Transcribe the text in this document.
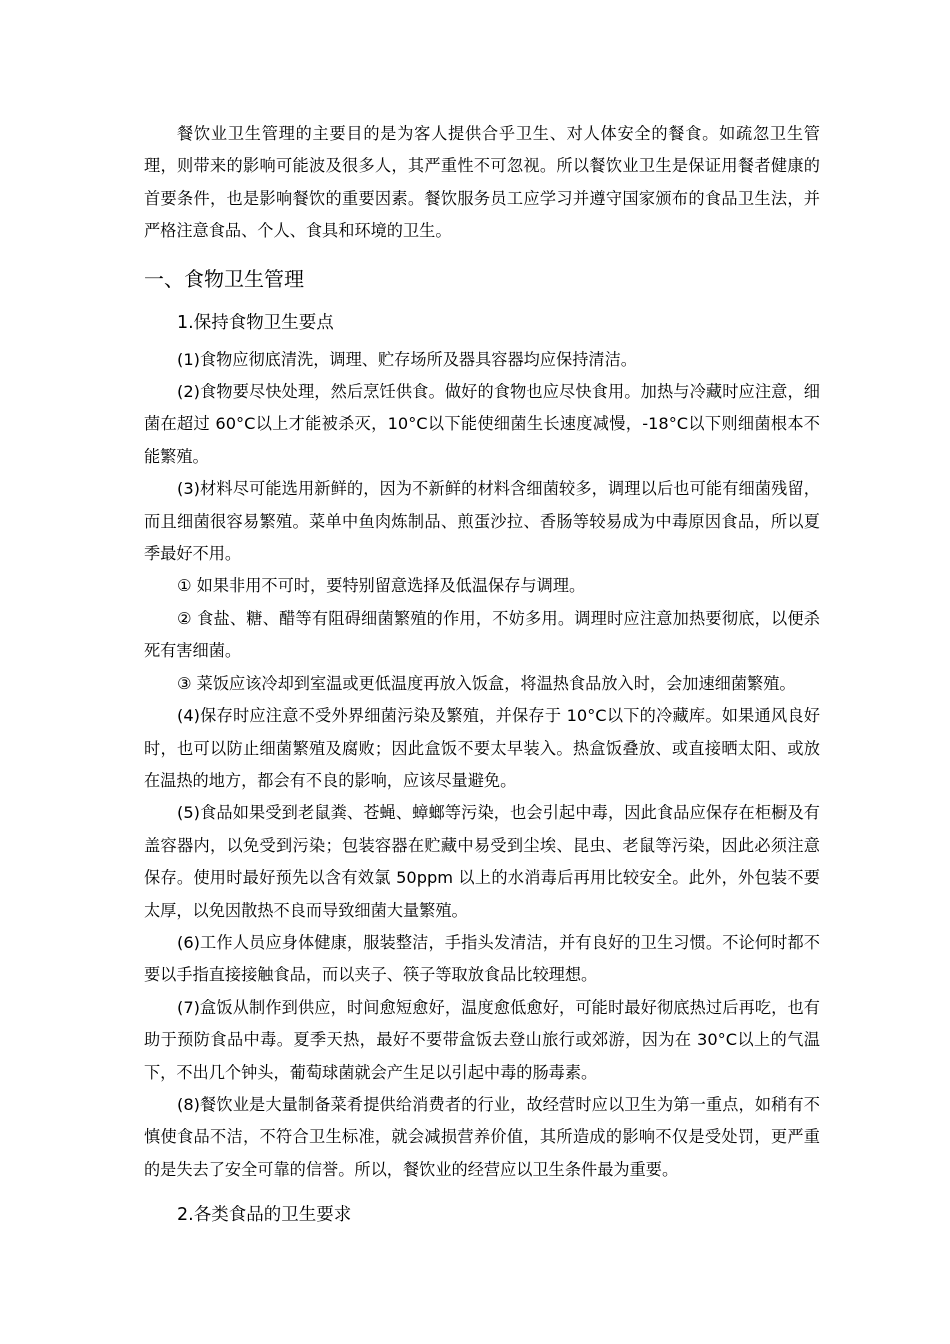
餐饮业卫生管理的主要目的是为客人提供合乎卫生、对人体安全的餐食。如疏忽卫生管理，则带来的影响可能波及很多人，其严重性不可忽视。所以餐饮业卫生是保证用餐者健康的首要条件，也是影响餐饮的重要因素。餐饮服务员工应学习并遵守国家颁布的食品卫生法，并严格注意食品、个人、食具和环境的卫生。

一、食物卫生管理
1.保持食物卫生要点

(1)食物应彻底清洗，调理、贮存场所及器具容器均应保持清洁。

(2)食物要尽快处理，然后烹饪供食。做好的食物也应尽快食用。加热与冷藏时应注意，细菌在超过 60°C以上才能被杀灭，10°C以下能使细菌生长速度减慢，-18°C以下则细菌根本不能繁殖。

(3)材料尽可能选用新鲜的，因为不新鲜的材料含细菌较多，调理以后也可能有细菌残留，而且细菌很容易繁殖。菜单中鱼肉炼制品、煎蛋沙拉、香肠等较易成为中毒原因食品，所以夏季最好不用。

① 如果非用不可时，要特别留意选择及低温保存与调理。

② 食盐、糖、醋等有阻碍细菌繁殖的作用，不妨多用。调理时应注意加热要彻底，以便杀死有害细菌。

③ 菜饭应该冷却到室温或更低温度再放入饭盒，将温热食品放入时，会加速细菌繁殖。

(4)保存时应注意不受外界细菌污染及繁殖，并保存于 10°C以下的冷藏库。如果通风良好时，也可以防止细菌繁殖及腐败；因此盒饭不要太早装入。热盒饭叠放、或直接晒太阳、或放在温热的地方，都会有不良的影响，应该尽量避免。

(5)食品如果受到老鼠粪、苍蝇、蟑螂等污染，也会引起中毒，因此食品应保存在柜橱及有盖容器内，以免受到污染；包装容器在贮藏中易受到尘埃、昆虫、老鼠等污染，因此必须注意保存。使用时最好预先以含有效氯 50ppm 以上的水消毒后再用比较安全。此外，外包装不要太厚，以免因散热不良而导致细菌大量繁殖。

(6)工作人员应身体健康，服装整洁，手指头发清洁，并有良好的卫生习惯。不论何时都不要以手指直接接触食品，而以夹子、筷子等取放食品比较理想。

(7)盒饭从制作到供应，时间愈短愈好，温度愈低愈好，可能时最好彻底热过后再吃，也有助于预防食品中毒。夏季天热，最好不要带盒饭去登山旅行或郊游，因为在 30°C以上的气温下，不出几个钟头，葡萄球菌就会产生足以引起中毒的肠毒素。

(8)餐饮业是大量制备菜肴提供给消费者的行业，故经营时应以卫生为第一重点，如稍有不慎使食品不洁，不符合卫生标准，就会减损营养价值，其所造成的影响不仅是受处罚，更严重的是失去了安全可靠的信誉。所以，餐饮业的经营应以卫生条件最为重要。

2.各类食品的卫生要求
